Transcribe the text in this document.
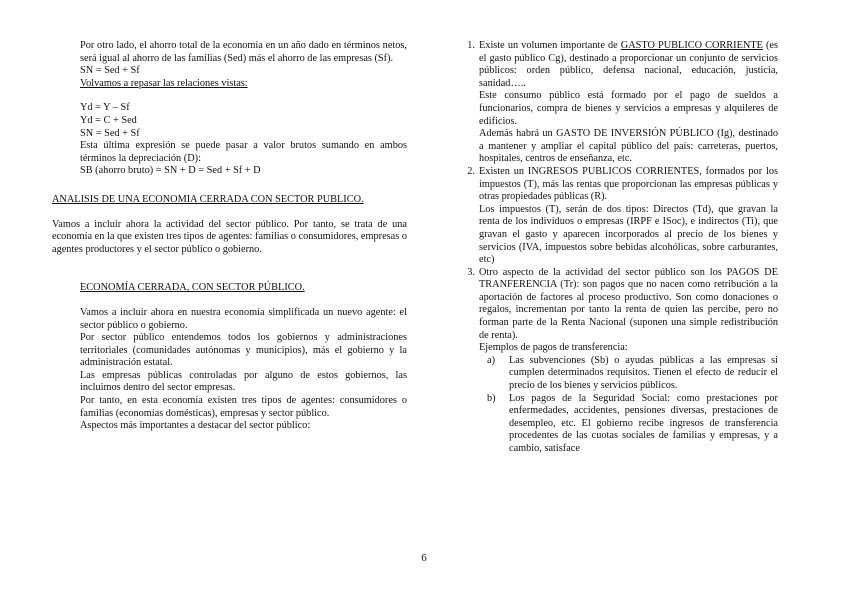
Por otro lado, el ahorro total de la economía en un año dado en términos netos, será igual al ahorro de las familias (Sed) más el ahorro de las empresas (Sf).

SN = Sed + Sf

Volvamos a repasar las relaciones vistas:

Yd = Y – Sf

Yd = C + Sed

SN = Sed + Sf

Esta última expresión se puede pasar a valor brutos sumando en ambos términos la depreciación (D):

SB (ahorro bruto) = SN + D = Sed + Sf + D

ANALISIS DE UNA ECONOMIA CERRADA CON SECTOR PUBLICO.

Vamos a incluir ahora la actividad del sector público. Por tanto, se trata de una economía en la que existen tres tipos de agentes: familias o consumidores, empresas o agentes productores y el sector público o gobierno.

ECONOMÍA CERRADA, CON SECTOR PÚBLICO.

Vamos a incluir ahora en nuestra economía simplificada un nuevo agente: el sector público o gobierno.

Por sector público entendemos todos los gobiernos y administraciones territoriales (comunidades autónomas y municipios), más el gobierno y la administración estatal.

Las empresas públicas controladas por alguno de estos gobiernos, las incluimos dentro del sector empresas.

Por tanto, en esta economía existen tres tipos de agentes: consumidores o familias (economías domésticas), empresas y sector público.

Aspectos más importantes a destacar del sector público:

1. Existe un volumen importante de GASTO PUBLICO CORRIENTE (es el gasto público Cg), destinado a proporcionar un conjunto de servicios públicos: orden público, defensa nacional, educación, justicia, sanidad…..

Este consumo público está formado por el pago de sueldos a funcionarios, compra de bienes y servicios a empresas y alquileres de edificios.

Además habrá un GASTO DE INVERSIÓN PÚBLICO (Ig), destinado a mantener y ampliar el capital público del país: carreteras, puertos, hospitales, centros de enseñanza, etc.

2. Existen un INGRESOS PUBLICOS CORRIENTES, formados por los impuestos (T), más las rentas que proporcionan las empresas públicas y otras propiedades públicas (R).

Los impuestos (T), serán de dos tipos: Directos (Td), que gravan la renta de los individuos o empresas (IRPF e ISoc), e indirectos (Ti), que gravan el gasto y aparecen incorporados al precio de los bienes y servicios (IVA, impuestos sobre bebidas alcohólicas, sobre carburantes, etc)

3. Otro aspecto de la actividad del sector público son los PAGOS DE TRANFERENCIA (Tr): son pagos que no nacen como retribución a la aportación de factores al proceso productivo. Son como donaciones o regalos, incrementan por tanto la renta de quien las percibe, pero no forman parte de la Renta Nacional (suponen una simple redistribución de renta).

Ejemplos de pagos de transferencia:

a) Las subvenciones (Sb) o ayudas públicas a las empresas si cumplen determinados requisitos. Tienen el efecto de reducir el precio de los bienes y servicios públicos.

b) Los pagos de la Seguridad Social: como prestaciones por enfermedades, accidentes, pensiones diversas, prestaciones de desempleo, etc. El gobierno recibe ingresos de transferencia procedentes de las cuotas sociales de familias y empresas, y a cambio, satisface

6
